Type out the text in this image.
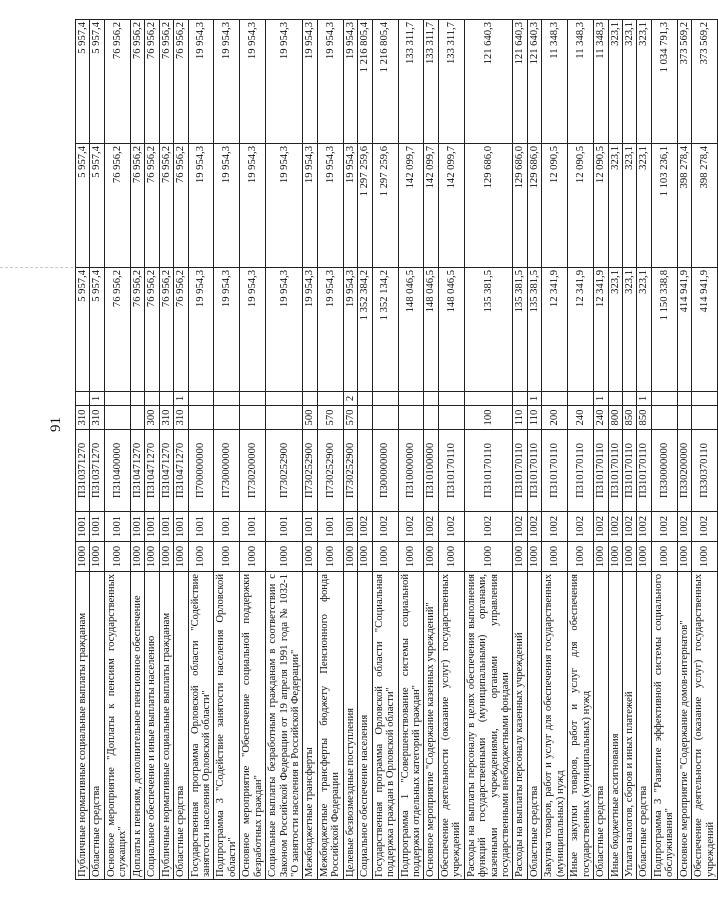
91
Публичные нормативные социальные выплаты гражданам	1000	1001	П310371270	310		5 957,4	5 957,4	5 957,4
Областные средства	1000	1001	П310371270	310	1	5 957,4	5 957,4	5 957,4
Основное мероприятие "Доплаты к пенсиям государственных служащих"	1000	1001	П310400000			76 956,2	76 956,2	76 956,2
Доплаты к пенсиям, дополнительное пенсионное обеспечение	1000	1001	П310471270			76 956,2	76 956,2	76 956,2
Социальное обеспечение и иные выплаты населению	1000	1001	П310471270	300		76 956,2	76 956,2	76 956,2
Публичные нормативные социальные выплаты гражданам	1000	1001	П310471270	310		76 956,2	76 956,2	76 956,2
Областные средства	1000	1001	П310471270	310	1	76 956,2	76 956,2	76 956,2
Государственная программа Орловской области "Содействие занятости населения Орловской области"	1000	1001	П700000000			19 954,3	19 954,3	19 954,3
Подпрограмма 3 "Содействие занятости населения Орловской области"	1000	1001	П730000000			19 954,3	19 954,3	19 954,3
Основное мероприятие "Обеспечение социальной поддержки безработных граждан"	1000	1001	П730200000			19 954,3	19 954,3	19 954,3
Социальные выплаты безработным гражданам в соответствии с Законом Российской Федерации от 19 апреля 1991 года № 1032-1 "О занятости населения в Российской Федерации"	1000	1001	П730252900			19 954,3	19 954,3	19 954,3
Межбюджетные трансферты	1000	1001	П730252900	500		19 954,3	19 954,3	19 954,3
Межбюджетные трансферты бюджету Пенсионного фонда Российской Федерации	1000	1001	П730252900	570		19 954,3	19 954,3	19 954,3
Целевые безвозмездные поступления	1000	1001	П730252900	570	2	19 954,3	19 954,3	19 954,3
Социальное обеспечение населения	1000	1002				1 352 384,2	1 297 259,6	1 216 805,4
Государственная программа Орловской области "Социальная поддержка граждан в Орловской области"	1000	1002	П300000000			1 352 134,2	1 297 259,6	1 216 805,4
Подпрограмма 1 "Совершенствование системы социальной поддержки отдельных категорий граждан"	1000	1002	П310000000			148 046,5	142 099,7	133 311,7
Основное мероприятие "Содержание казенных учреждений"	1000	1002	П310100000			148 046,5	142 099,7	133 311,7
Обеспечение деятельности (оказание услуг) государственных учреждений	1000	1002	П310170110			148 046,5	142 099,7	133 311,7
Расходы на выплаты персоналу в целях обеспечения выполнения функций государственными (муниципальными) органами, казенными учреждениями, органами управления государственными внебюджетными фондами	1000	1002	П310170110	100		135 381,5	129 686,0	121 640,3
Расходы на выплаты персоналу казенных учреждений	1000	1002	П310170110	110		135 381,5	129 686,0	121 640,3
Областные средства	1000	1002	П310170110	110	1	135 381,5	129 686,0	121 640,3
Закупка товаров, работ и услуг для обеспечения государственных (муниципальных) нужд	1000	1002	П310170110	200		12 341,9	12 090,5	11 348,3
Иные закупки товаров, работ и услуг для обеспечения государственных (муниципальных) нужд	1000	1002	П310170110	240		12 341,9	12 090,5	11 348,3
Областные средства	1000	1002	П310170110	240	1	12 341,9	12 090,5	11 348,3
Иные бюджетные ассигнования	1000	1002	П310170110	800		323,1	323,1	323,1
Уплата налогов, сборов и иных платежей	1000	1002	П310170110	850		323,1	323,1	323,1
Областные средства	1000	1002	П310170110	850	1	323,1	323,1	323,1
Подпрограмма 3 "Развитие эффективной системы социального обслуживания"	1000	1002	П330000000			1 150 338,8	1 103 236,1	1 034 791,3
Основное мероприятие "Содержание домов-интернатов"	1000	1002	П330200000			414 941,9	398 278,4	373 569,2
Обеспечение деятельности (оказание услуг) государственных учреждений	1000	1002	П330370110			414 941,9	398 278,4	373 569,2
